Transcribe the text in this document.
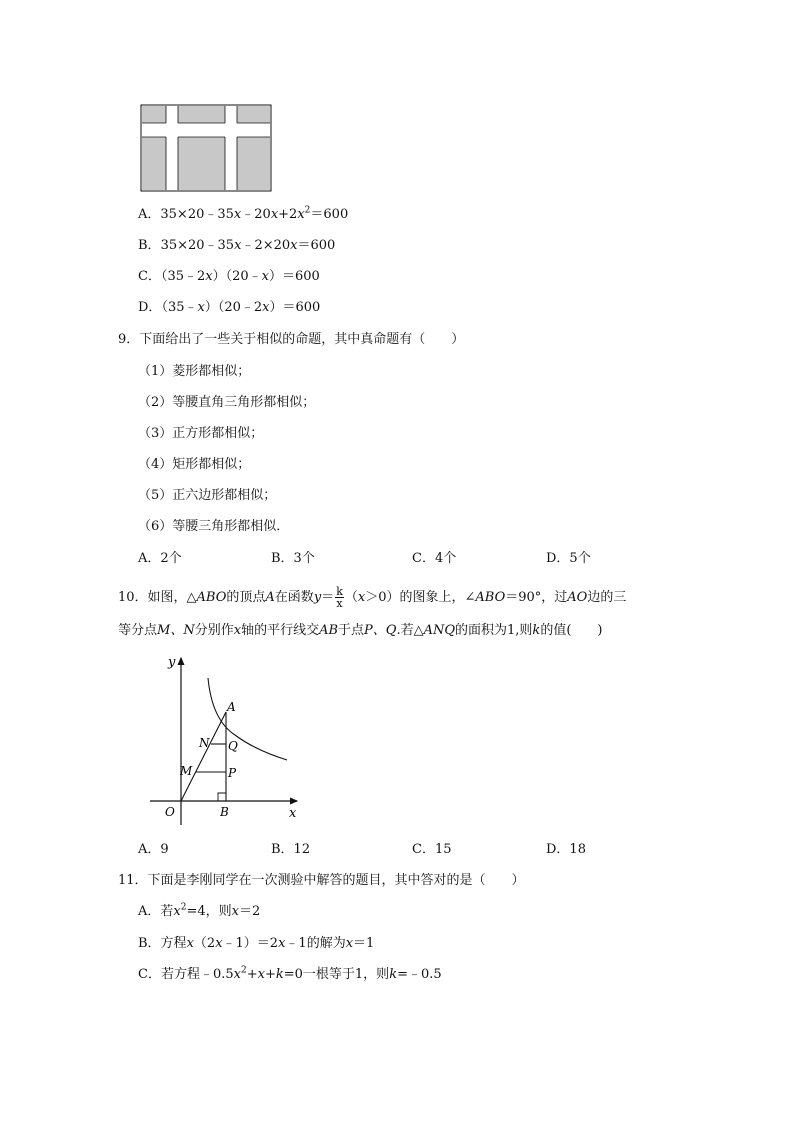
A．$35\times 20﹣35x﹣20x+2x^2=600$
B．35×20﹣35x﹣2×20x＝600
C．（35﹣2x）（20﹣x）＝600
D．（35﹣x）（20﹣2x）＝600
9．下面给出了一些关于相似的命题，其中真命题有（　　）
（1）菱形都相似；
（2）等腰直角三角形都相似；
（3）正方形都相似；
（4）矩形都相似；
（5）正六边形都相似；
（6）等腰三角形都相似．
A．2个	B．3个	C．4个	D．5个
10．如图，△ABO的顶点A在函数$y= \frac{k}{x} (x>0)$的图象上，∠ABO＝90°，过AO边的三
等分点M、N分别作x轴的平行线交AB于点P、Q.若△ANQ的面积为1,则k的值(　　)
y
x
O
A
B
N Q
M	P
A．9	B．12	C．15	D．18
11．下面是李刚同学在一次测验中解答的题目，其中答对的是（　　）
A．若$x^2=4$，则x＝2
B．方程x（2x﹣1）＝2x﹣1的解为x＝1
C．若方程$﹣0.5x^2+x+k=0$一根等于1，则k=﹣0.5
